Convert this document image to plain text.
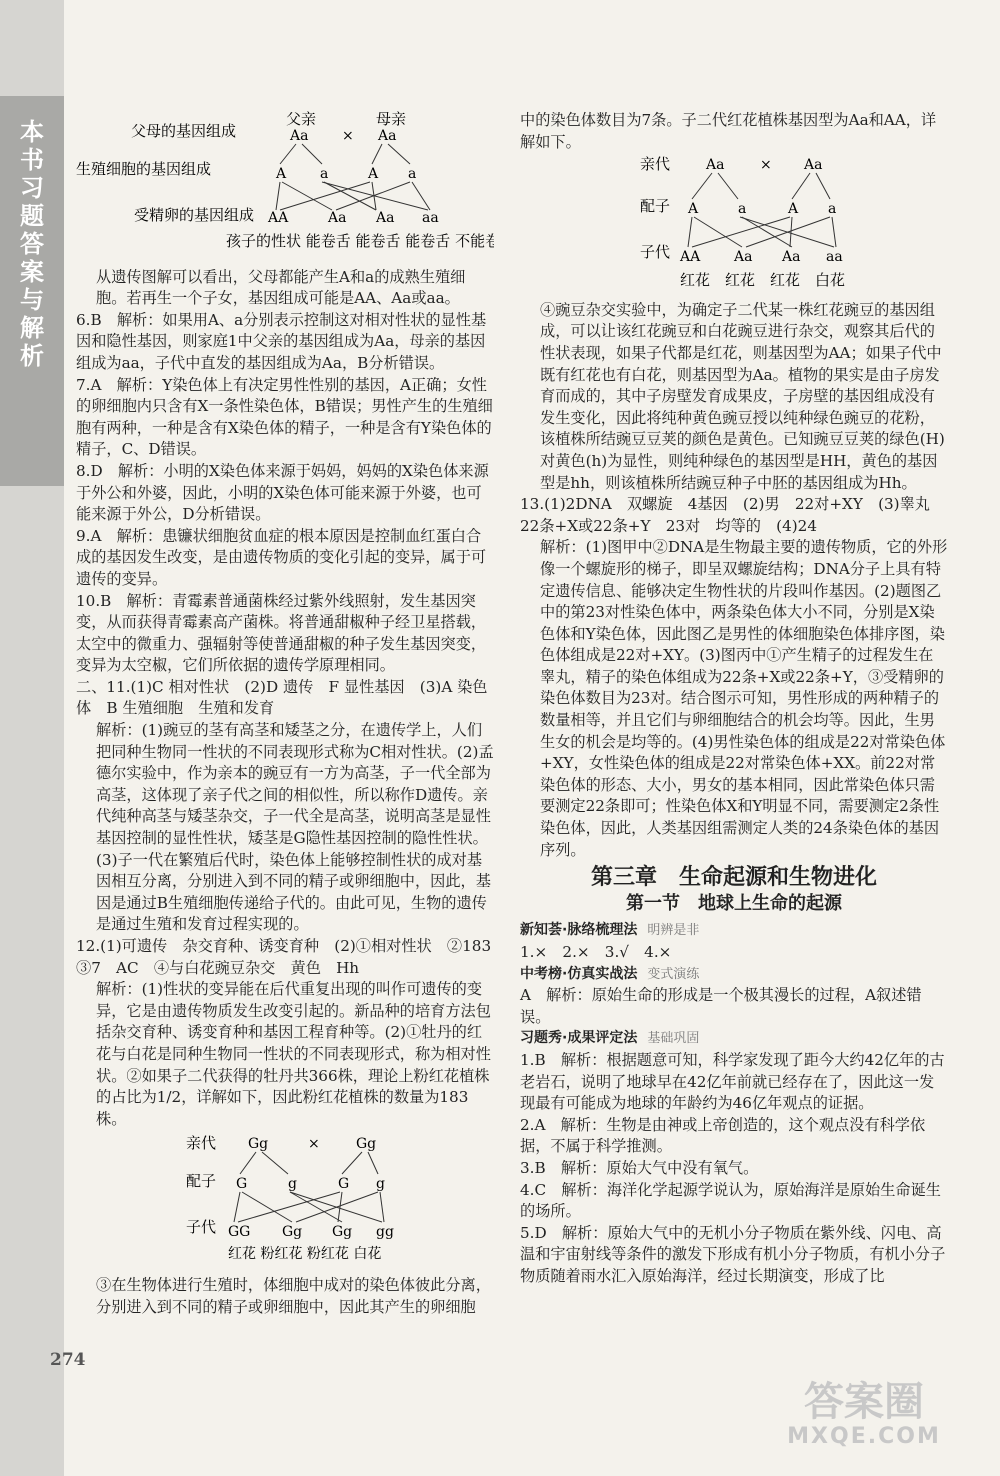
本书习题答案与解析
274
父亲	母亲
父母的基因组成	Aa × Aa
生殖细胞的基因组成	A a	A a
受精卵的基因组成 AA	Aa Aa aa
孩子的性状 能卷舌 能卷舌 能卷舌 不能卷舌

从遗传图解可以看出，父母都能产生A和a的成熟生殖细胞。若再生一个子女，基因组成可能是AA、Aa或aa。

6.B　解析：如果用A、a分别表示控制这对相对性状的显性基因和隐性基因，则家庭1中父亲的基因组成为Aa，母亲的基因组成为aa，子代中直发的基因组成为Aa，B分析错误。

7.A　解析：Y染色体上有决定男性性别的基因，A正确；女性的卵细胞内只含有X一条性染色体，B错误；男性产生的生殖细胞有两种，一种是含有X染色体的精子，一种是含有Y染色体的精子，C、D错误。

8.D　解析：小明的X染色体来源于妈妈，妈妈的X染色体来源于外公和外婆，因此，小明的X染色体可能来源于外婆，也可能来源于外公，D分析错误。

9.A　解析：患镰状细胞贫血症的根本原因是控制血红蛋白合成的基因发生改变，是由遗传物质的变化引起的变异，属于可遗传的变异。

10.B　解析：青霉素普通菌株经过紫外线照射，发生基因突变，从而获得青霉素高产菌株。将普通甜椒种子经卫星搭载，太空中的微重力、强辐射等使普通甜椒的种子发生基因突变，变异为太空椒，它们所依据的遗传学原理相同。

二、11.(1)C 相对性状　(2)D 遗传　F 显性基因　(3)A 染色体　B 生殖细胞　生殖和发育

解析：(1)豌豆的茎有高茎和矮茎之分，在遗传学上，人们把同种生物同一性状的不同表现形式称为C相对性状。(2)孟德尔实验中，作为亲本的豌豆有一方为高茎，子一代全部为高茎，这体现了亲子代之间的相似性，所以称作D遗传。亲代纯种高茎与矮茎杂交，子一代全是高茎，说明高茎是显性基因控制的显性性状，矮茎是G隐性基因控制的隐性性状。(3)子一代在繁殖后代时，染色体上能够控制性状的成对基因相互分离，分别进入到不同的精子或卵细胞中，因此，基因是通过B生殖细胞传递给子代的。由此可见，生物的遗传是通过生殖和发育过程实现的。

12.(1)可遗传　杂交育种、诱变育种　(2)①相对性状　②183　③7　AC　④与白花豌豆杂交　黄色　Hh

解析：(1)性状的变异能在后代重复出现的叫作可遗传的变异，它是由遗传物质发生改变引起的。新品种的培育方法包括杂交育种、诱变育种和基因工程育种等。(2)①牡丹的红花与白花是同种生物同一性状的不同表现形式，称为相对性状。②如果子二代获得的牡丹共366株，理论上粉红花植株的占比为1/2，详解如下，因此粉红花植株的数量为183株。

亲代 Gg	×	Gg
配子 G	g	G g
子代 GG Gg Gg gg
红花 粉红花 粉红花 白花

③在生物体进行生殖时，体细胞中成对的染色体彼此分离，分别进入到不同的精子或卵细胞中，因此其产生的卵细胞

中的染色体数目为7条。子二代红花植株基因型为Aa和AA，详解如下。

亲代	Aa	× Aa
配子 A	a	A a
子代 AA Aa Aa aa
红花　红花　红花　白花

④豌豆杂交实验中，为确定子二代某一株红花豌豆的基因组成，可以让该红花豌豆和白花豌豆进行杂交，观察其后代的性状表现，如果子代都是红花，则基因型为AA；如果子代中既有红花也有白花，则基因型为Aa。植物的果实是由子房发育而成的，其中子房壁发育成果皮，子房壁的基因组成没有发生变化，因此将纯种黄色豌豆授以纯种绿色豌豆的花粉，该植株所结豌豆豆荚的颜色是黄色。已知豌豆豆荚的绿色(H)对黄色(h)为显性，则纯种绿色的基因型是HH，黄色的基因型是hh，则该植株所结豌豆种子中胚的基因组成为Hh。

13.(1)2DNA　双螺旋　4基因　(2)男　22对+XY　(3)睾丸　22条+X或22条+Y　23对　均等的　(4)24

解析：(1)图甲中②DNA是生物最主要的遗传物质，它的外形像一个螺旋形的梯子，即呈双螺旋结构；DNA分子上具有特定遗传信息、能够决定生物性状的片段叫作基因。(2)题图乙中的第23对性染色体中，两条染色体大小不同，分别是X染色体和Y染色体，因此图乙是男性的体细胞染色体排序图，染色体组成是22对+XY。(3)图丙中①产生精子的过程发生在睾丸，精子的染色体组成为22条+X或22条+Y，③受精卵的染色体数目为23对。结合图示可知，男性形成的两种精子的数量相等，并且它们与卵细胞结合的机会均等。因此，生男生女的机会是均等的。(4)男性染色体的组成是22对常染色体+XY，女性染色体的组成是22对常染色体+XX。前22对常染色体的形态、大小，男女的基本相同，因此常染色体只需要测定22条即可；性染色体X和Y明显不同，需要测定2条性染色体，因此，人类基因组需测定人类的24条染色体的基因序列。

第三章　生命起源和生物进化
第一节　地球上生命的起源
新知荟·脉络梳理法 明辨是非

1.×　2.×　3.√　4.×

中考榜·仿真实战法 变式演练

A　解析：原始生命的形成是一个极其漫长的过程，A叙述错误。

习题秀·成果评定法 基础巩固

1.B　解析：根据题意可知，科学家发现了距今大约42亿年的古老岩石，说明了地球早在42亿年前就已经存在了，因此这一发现最有可能成为地球的年龄约为46亿年观点的证据。

2.A　解析：生物是由神或上帝创造的，这个观点没有科学依据，不属于科学推测。

3.B　解析：原始大气中没有氧气。

4.C　解析：海洋化学起源学说认为，原始海洋是原始生命诞生的场所。

5.D　解析：原始大气中的无机小分子物质在紫外线、闪电、高温和宇宙射线等条件的激发下形成有机小分子物质，有机小分子物质随着雨水汇入原始海洋，经过长期演变，形成了比

答案圈
MXQE.COM
